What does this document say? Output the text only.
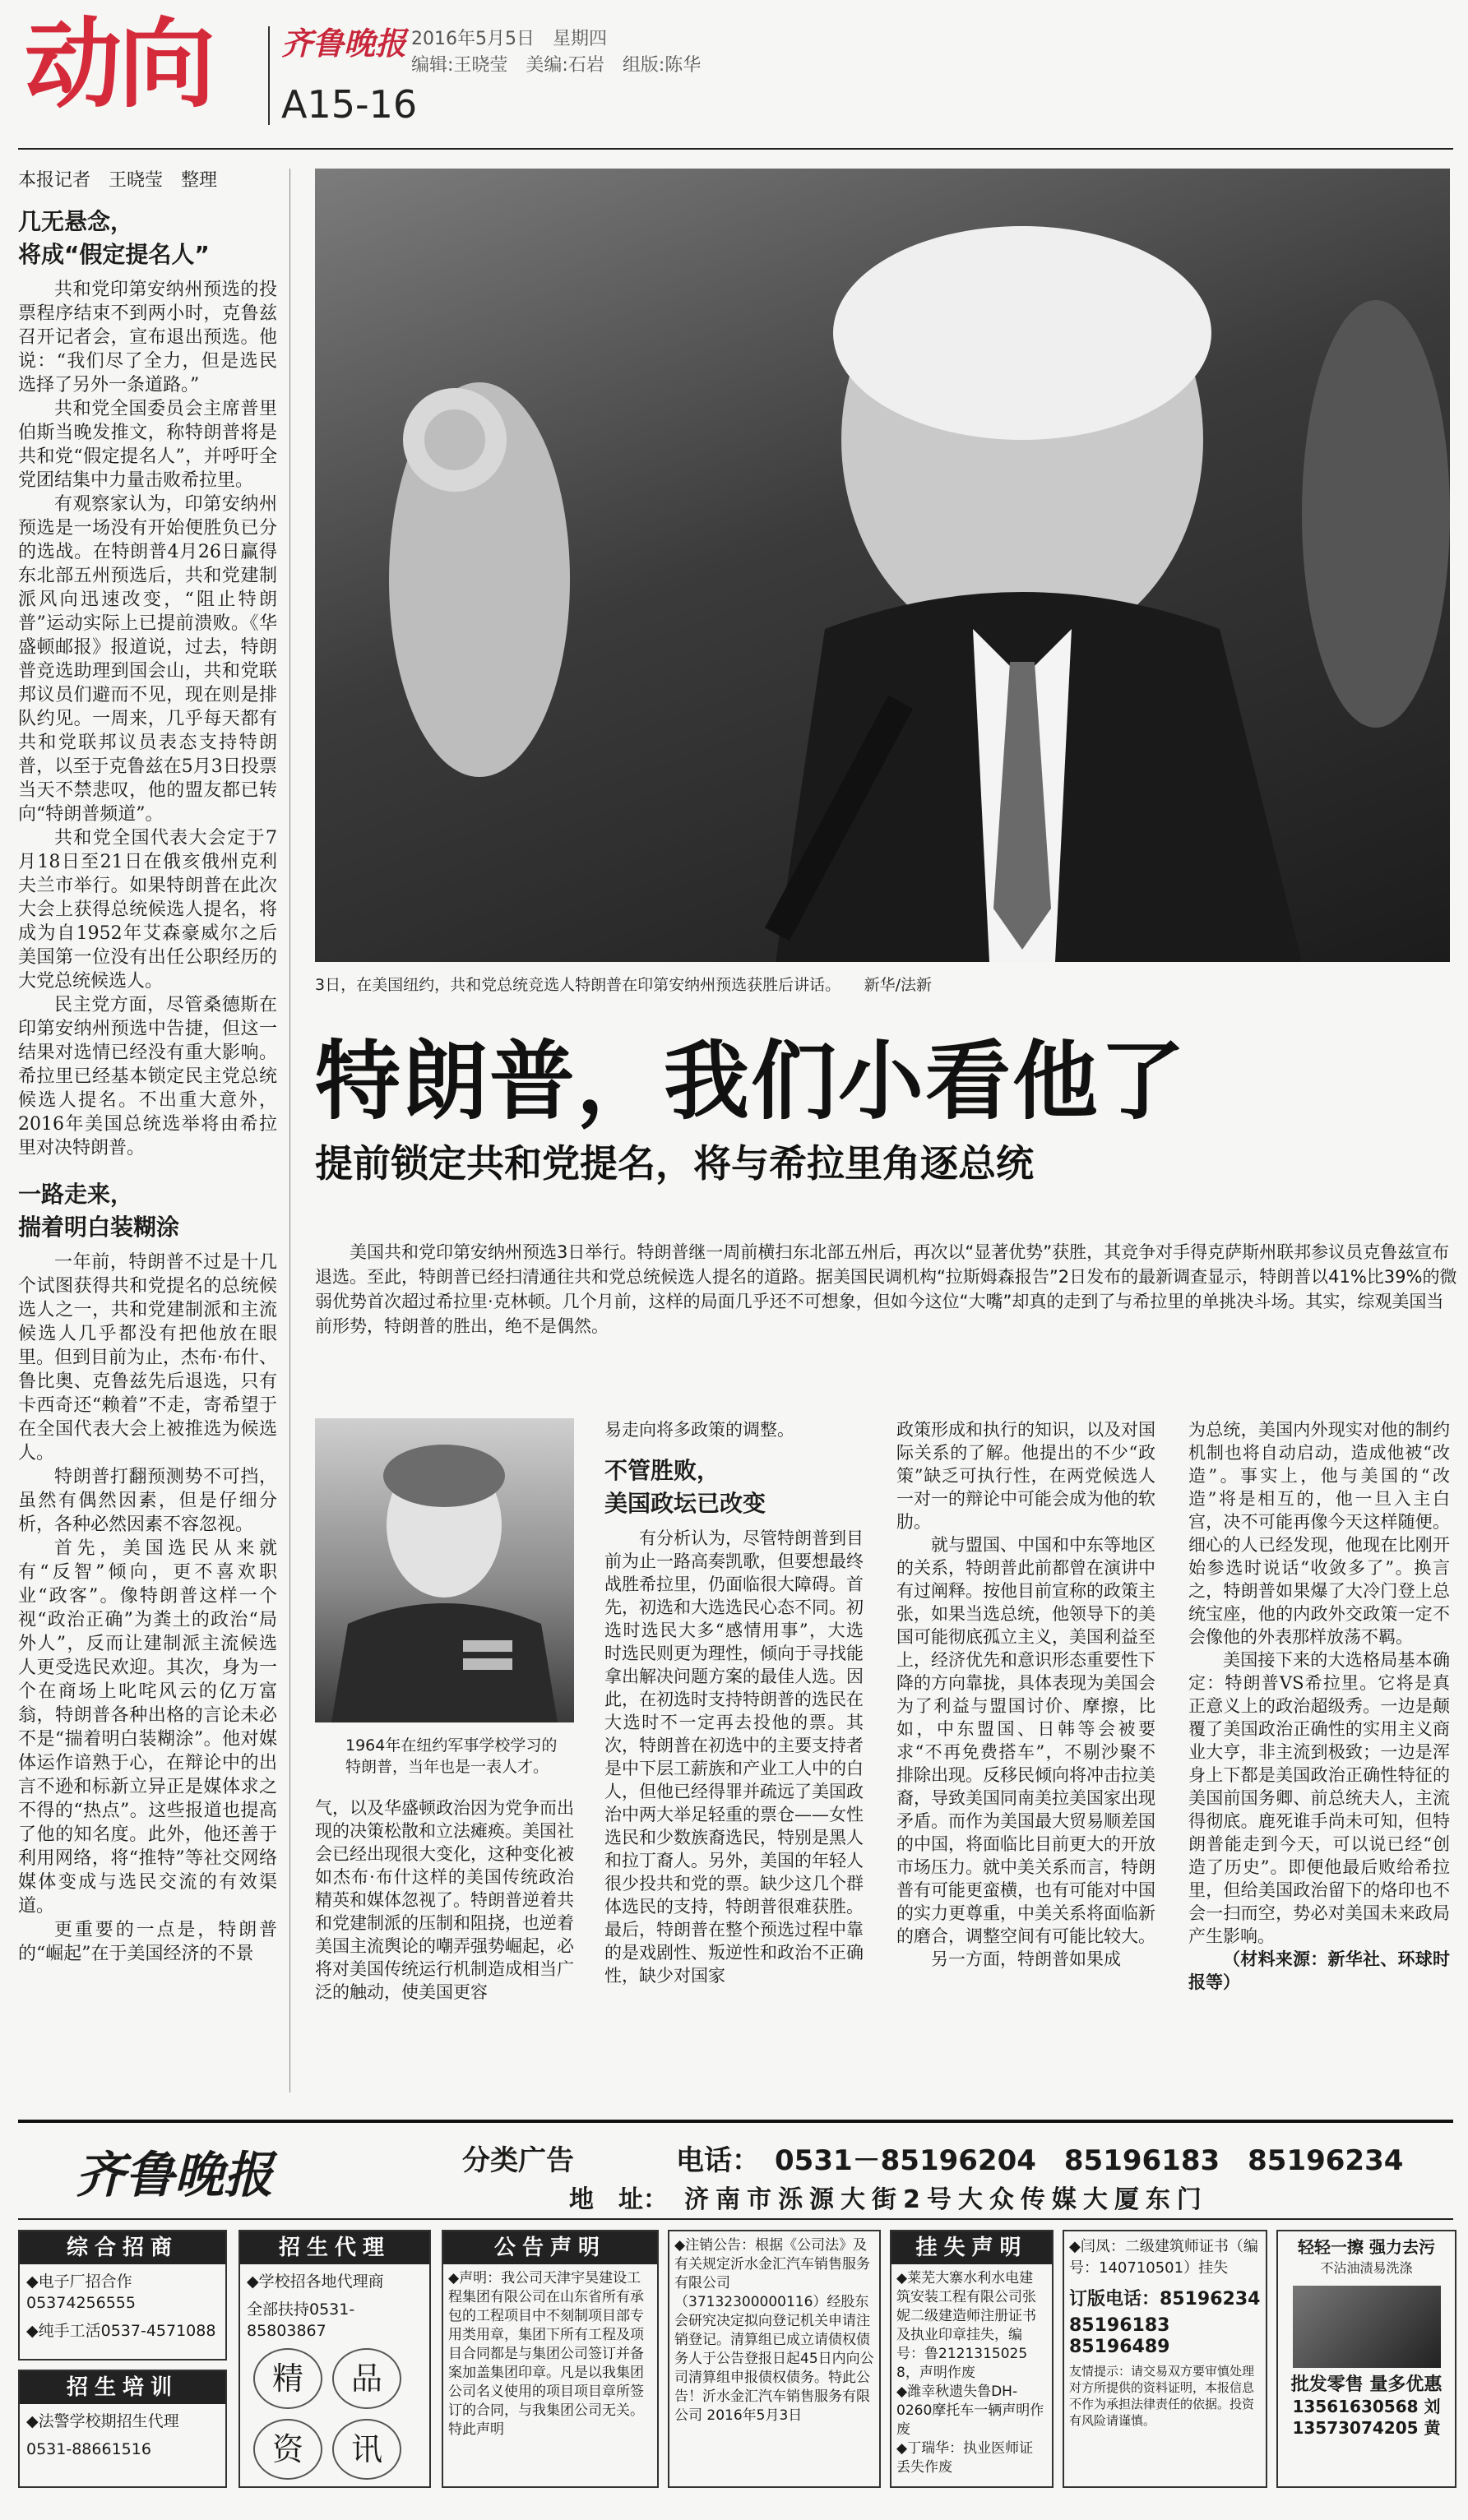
动向 齐鲁晚报 2016年5月5日　星期四
编辑:王晓莹　美编:石岩　组版:陈华
A15-16
本报记者　王晓莹　整理
几无悬念，
将成“假定提名人”

共和党印第安纳州预选的投票程序结束不到两小时，克鲁兹召开记者会，宣布退出预选。他说：“我们尽了全力，但是选民选择了另外一条道路。”

共和党全国委员会主席普里伯斯当晚发推文，称特朗普将是共和党“假定提名人”，并呼吁全党团结集中力量击败希拉里。

有观察家认为，印第安纳州预选是一场没有开始便胜负已分的选战。在特朗普4月26日赢得东北部五州预选后，共和党建制派风向迅速改变，“阻止特朗普”运动实际上已提前溃败。《华盛顿邮报》报道说，过去，特朗普竞选助理到国会山，共和党联邦议员们避而不见，现在则是排队约见。一周来，几乎每天都有共和党联邦议员表态支持特朗普，以至于克鲁兹在5月3日投票当天不禁悲叹，他的盟友都已转向“特朗普频道”。

共和党全国代表大会定于7月18日至21日在俄亥俄州克利夫兰市举行。如果特朗普在此次大会上获得总统候选人提名，将成为自1952年艾森豪威尔之后美国第一位没有出任公职经历的大党总统候选人。

民主党方面，尽管桑德斯在印第安纳州预选中告捷，但这一结果对选情已经没有重大影响。希拉里已经基本锁定民主党总统候选人提名。不出重大意外，2016年美国总统选举将由希拉里对决特朗普。

一路走来，
揣着明白装糊涂

一年前，特朗普不过是十几个试图获得共和党提名的总统候选人之一，共和党建制派和主流候选人几乎都没有把他放在眼里。但到目前为止，杰布·布什、鲁比奥、克鲁兹先后退选，只有卡西奇还“赖着”不走，寄希望于在全国代表大会上被推选为候选人。

特朗普打翻预测势不可挡，虽然有偶然因素，但是仔细分析，各种必然因素不容忽视。

首先，美国选民从来就有“反智”倾向，更不喜欢职业“政客”。像特朗普这样一个视“政治正确”为粪土的政治“局外人”，反而让建制派主流候选人更受选民欢迎。其次，身为一个在商场上叱咤风云的亿万富翁，特朗普各种出格的言论未必不是“揣着明白装糊涂”。他对媒体运作谙熟于心，在辩论中的出言不逊和标新立异正是媒体求之不得的“热点”。这些报道也提高了他的知名度。此外，他还善于利用网络，将“推特”等社交网络媒体变成与选民交流的有效渠道。

更重要的一点是，特朗普的“崛起”在于美国经济的不景

3日，在美国纽约，共和党总统竞选人特朗普在印第安纳州预选获胜后讲话。　　新华/法新
特朗普，我们小看他了
提前锁定共和党提名，将与希拉里角逐总统
美国共和党印第安纳州预选3日举行。特朗普继一周前横扫东北部五州后，再次以“显著优势”获胜，其竞争对手得克萨斯州联邦参议员克鲁兹宣布退选。至此，特朗普已经扫清通往共和党总统候选人提名的道路。据美国民调机构“拉斯姆森报告”2日发布的最新调查显示，特朗普以41%比39%的微弱优势首次超过希拉里·克林顿。几个月前，这样的局面几乎还不可想象，但如今这位“大嘴”却真的走到了与希拉里的单挑决斗场。其实，综观美国当前形势，特朗普的胜出，绝不是偶然。
1964年在纽约军事学校学习的特朗普，当年也是一表人才。

气，以及华盛顿政治因为党争而出现的决策松散和立法瘫痪。美国社会已经出现很大变化，这种变化被如杰布·布什这样的美国传统政治精英和媒体忽视了。特朗普逆着共和党建制派的压制和阻挠，也逆着美国主流舆论的嘲弄强势崛起，必将对美国传统运行机制造成相当广泛的触动，使美国更容

易走向将多政策的调整。

不管胜败，
美国政坛已改变

有分析认为，尽管特朗普到目前为止一路高奏凯歌，但要想最终战胜希拉里，仍面临很大障碍。首先，初选和大选选民心态不同。初选时选民大多“感情用事”，大选时选民则更为理性，倾向于寻找能拿出解决问题方案的最佳人选。因此，在初选时支持特朗普的选民在大选时不一定再去投他的票。其次，特朗普在初选中的主要支持者是中下层工薪族和产业工人中的白人，但他已经得罪并疏远了美国政治中两大举足轻重的票仓——女性选民和少数族裔选民，特别是黑人和拉丁裔人。另外，美国的年轻人很少投共和党的票。缺少这几个群体选民的支持，特朗普很难获胜。最后，特朗普在整个预选过程中靠的是戏剧性、叛逆性和政治不正确性，缺少对国家

政策形成和执行的知识，以及对国际关系的了解。他提出的不少“政策”缺乏可执行性，在两党候选人一对一的辩论中可能会成为他的软肋。

就与盟国、中国和中东等地区的关系，特朗普此前都曾在演讲中有过阐释。按他目前宣称的政策主张，如果当选总统，他领导下的美国可能彻底孤立主义，美国利益至上，经济优先和意识形态重要性下降的方向靠拢，具体表现为美国会为了利益与盟国讨价、摩擦，比如，中东盟国、日韩等会被要求“不再免费搭车”，不剔沙聚不排除出现。反移民倾向将冲击拉美裔，导致美国同南美拉美国家出现矛盾。而作为美国最大贸易顺差国的中国，将面临比目前更大的开放市场压力。就中美关系而言，特朗普有可能更蛮横，也有可能对中国的实力更尊重，中美关系将面临新的磨合，调整空间有可能比较大。

另一方面，特朗普如果成

为总统，美国内外现实对他的制约机制也将自动启动，造成他被“改造”。事实上，他与美国的“改造”将是相互的，他一旦入主白宫，决不可能再像今天这样随便。细心的人已经发现，他现在比刚开始参选时说话“收敛多了”。换言之，特朗普如果爆了大冷门登上总统宝座，他的内政外交政策一定不会像他的外表那样放荡不羁。

美国接下来的大选格局基本确定：特朗普VS希拉里。它将是真正意义上的政治超级秀。一边是颠覆了美国政治正确性的实用主义商业大亨，非主流到极致；一边是浑身上下都是美国政治正确性特征的美国前国务卿、前总统夫人，主流得彻底。鹿死谁手尚未可知，但特朗普能走到今天，可以说已经“创造了历史”。即便他最后败给希拉里，但给美国政治留下的烙印也不会一扫而空，势必对美国未来政局产生影响。

（材料来源：新华社、环球时报等）

齐鲁晚报	分类广告	电话： 0531－85196204　85196183　85196234
地　址： 济南市泺源大街2号大众传媒大厦东门
综合招商
◆电子厂招合作05374256555
◆纯手工活0537-4571088
招生培训
◆法警学校期招生代理
0531-88661516
招生代理
◆学校招各地代理商
全部扶持0531-85803867
精	品
资	讯
公告声明
◆声明：我公司天津宇昊建设工程集团有限公司在山东省所有承包的工程项目中不刻制项目部专用类用章，集团下所有工程及项目合同都是与集团公司签订并备案加盖集团印章。凡是以我集团公司名义使用的项目项目章所签订的合同，与我集团公司无关。特此声明
◆注销公告：根据《公司法》及有关规定沂水金汇汽车销售服务有限公司（37132300000116）经股东会研究决定拟向登记机关申请注销登记。清算组已成立请债权债务人于公告登报日起45日内向公司清算组申报债权债务。特此公告！沂水金汇汽车销售服务有限公司 2016年5月3日
挂失声明
◆莱芜大寨水利水电建筑安装工程有限公司张妮二级建造师注册证书及执业印章挂失，编号：鲁2121315025 8，声明作废
◆潍幸秋遗失鲁DH-0260摩托车一辆声明作废
◆丁瑞华：执业医师证丢失作废
◆闫凤：二级建筑师证书（编号：140710501）挂失
订版电话：85196234
85196183　85196489
友情提示：请交易双方要审慎处理对方所提供的资料证明，本报信息不作为承担法律责任的依据。投资有风险请谨慎。
轻轻一擦 强力去污
不沾油渍易洗涤
批发零售 量多优惠
13561630568 刘
13573074205 黄
